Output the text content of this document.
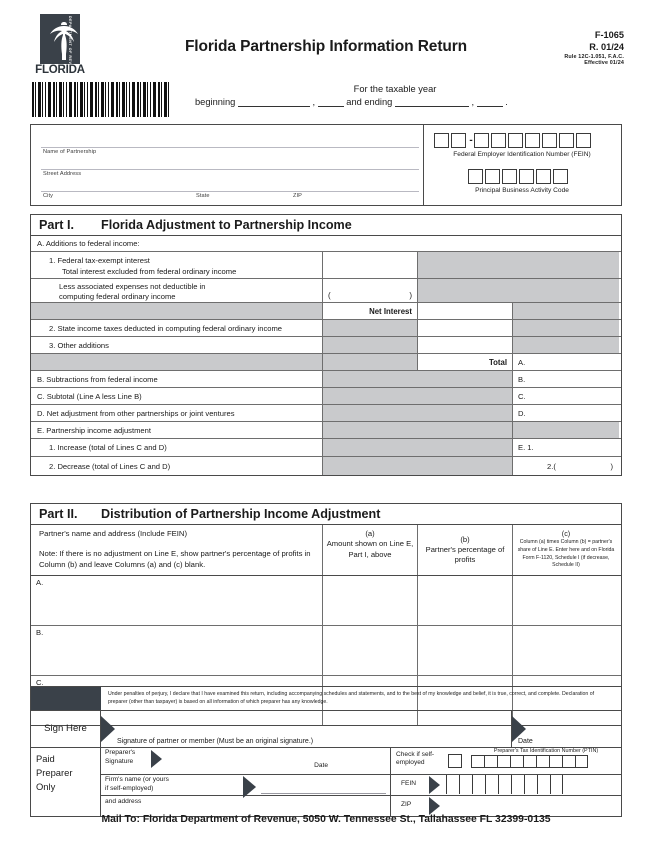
DEPARTMENT OF REVENUE
FLORIDA
Florida Partnership Information Return
F-1065
R. 01/24
Rule 12C-1.051, F.A.C.
Effective 01/24
For the taxable year
beginning	,	and ending	,	.
Name of Partnership
Street Address
City	State	ZIP
-
Federal Employer Identification Number (FEIN)
Principal Business Activity Code
Part I.	Florida Adjustment to Partnership Income
A. Additions to federal income:
1. Federal tax-exempt interest
Total interest excluded from federal ordinary income
Less associated expenses not deductible in
computing federal ordinary income	(	)
Net Interest
2. State income taxes deducted in computing federal ordinary income
3. Other additions
Total	A.
B. Subtractions from federal income	B.
C. Subtotal (Line A less Line B)	C.
D. Net adjustment from other partnerships or joint ventures	D.
E. Partnership income adjustment
1. Increase (total of Lines C and D)	E. 1.
2. Decrease (total of Lines C and D)	2.(	)
Part II.	Distribution of Partnership Income Adjustment
Partner's name and address (Include FEIN)
Note: If there is no adjustment on Line E, show partner's percentage of profits in Column (b) and leave Columns (a) and (c) blank.
(a)
Amount shown on Line E, Part I, above
(b)
Partner's percentage of profits
(c)
Column (a) times Column (b) = partner's share of Line E. Enter here and on Florida Form F-1120, Schedule I (if decrease, Schedule II)
A.
B.
C.
Under penalties of perjury, I declare that I have examined this return, including accompanying schedules and statements, and to the best of my knowledge and belief, it is true, correct, and complete. Declaration of preparer (other than taxpayer) is based on all information of which preparer has any knowledge.
Sign Here
Signature of partner or member (Must be an original signature.)	Date
Paid
Preparer
Only
Preparer's
Signature
Date
Check if self-
employed
Preparer's Tax Identification Number (PTIN)
Firm's name (or yours
if self-employed)
FEIN
and address	ZIP
Mail To: Florida Department of Revenue, 5050 W. Tennessee St., Tallahassee FL 32399-0135
